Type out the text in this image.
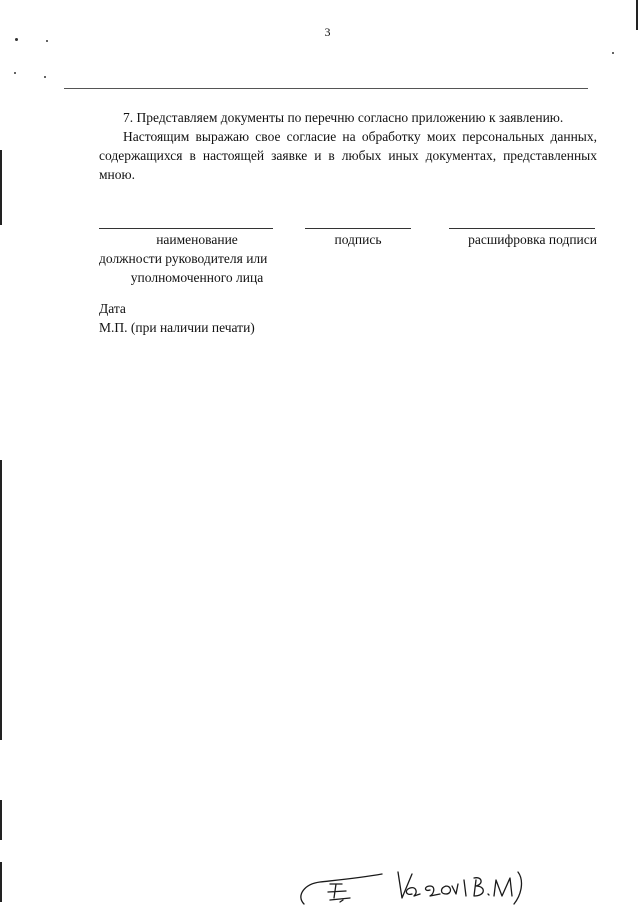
3

7. Представляем документы по перечню согласно приложению к заявлению.

Настоящим выражаю свое согласие на обработку моих персональных данных, содержащихся в настоящей заявке и в любых иных документах, представленных мною.

наименование
должности руководителя или
уполномоченного лица
подпись	расшифровка подписи
Дата
М.П. (при наличии печати)
